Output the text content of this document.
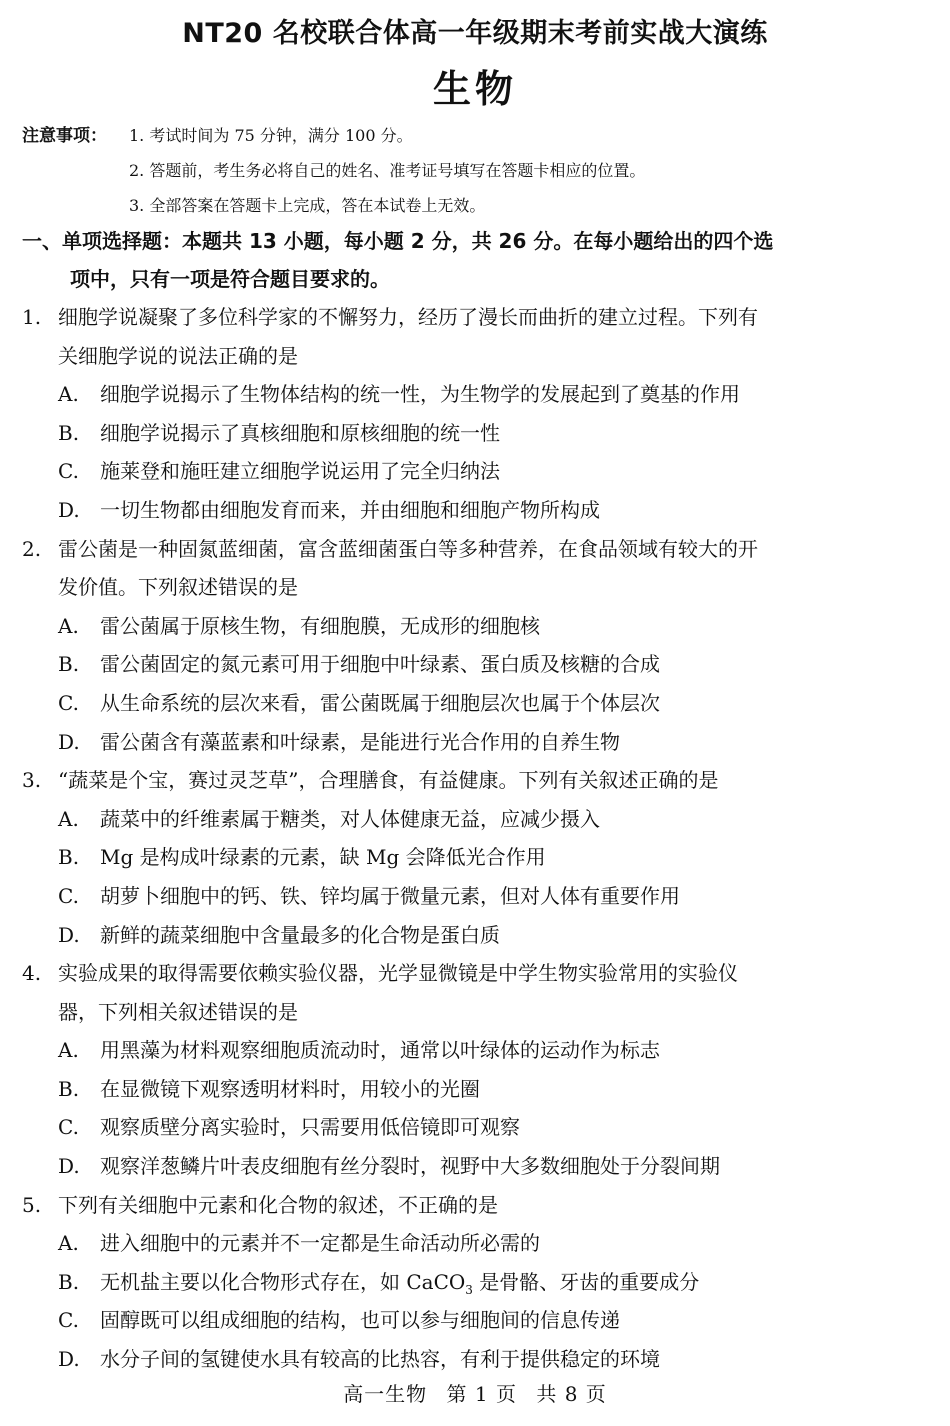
NT20 名校联合体高一年级期末考前实战大演练
生物
注意事项： 1. 考试时间为 75 分钟，满分 100 分。
2. 答题前，考生务必将自己的姓名、准考证号填写在答题卡相应的位置。
3. 全部答案在答题卡上完成，答在本试卷上无效。
一、单项选择题：本题共 13 小题，每小题 2 分，共 26 分。在每小题给出的四个选
项中，只有一项是符合题目要求的。
1. 细胞学说凝聚了多位科学家的不懈努力，经历了漫长而曲折的建立过程。下列有
关细胞学说的说法正确的是
A. 细胞学说揭示了生物体结构的统一性，为生物学的发展起到了奠基的作用
B. 细胞学说揭示了真核细胞和原核细胞的统一性
C. 施莱登和施旺建立细胞学说运用了完全归纳法
D. 一切生物都由细胞发育而来，并由细胞和细胞产物所构成
2. 雷公菌是一种固氮蓝细菌，富含蓝细菌蛋白等多种营养，在食品领域有较大的开
发价值。下列叙述错误的是
A. 雷公菌属于原核生物，有细胞膜，无成形的细胞核
B. 雷公菌固定的氮元素可用于细胞中叶绿素、蛋白质及核糖的合成
C. 从生命系统的层次来看，雷公菌既属于细胞层次也属于个体层次
D. 雷公菌含有藻蓝素和叶绿素，是能进行光合作用的自养生物
3. “蔬菜是个宝，赛过灵芝草”，合理膳食，有益健康。下列有关叙述正确的是
A. 蔬菜中的纤维素属于糖类，对人体健康无益，应减少摄入
B. Mg 是构成叶绿素的元素，缺 Mg 会降低光合作用
C. 胡萝卜细胞中的钙、铁、锌均属于微量元素，但对人体有重要作用
D. 新鲜的蔬菜细胞中含量最多的化合物是蛋白质
4. 实验成果的取得需要依赖实验仪器，光学显微镜是中学生物实验常用的实验仪
器，下列相关叙述错误的是
A. 用黑藻为材料观察细胞质流动时，通常以叶绿体的运动作为标志
B. 在显微镜下观察透明材料时，用较小的光圈
C. 观察质壁分离实验时，只需要用低倍镜即可观察
D. 观察洋葱鳞片叶表皮细胞有丝分裂时，视野中大多数细胞处于分裂间期
5. 下列有关细胞中元素和化合物的叙述，不正确的是
A. 进入细胞中的元素并不一定都是生命活动所必需的
B. 无机盐主要以化合物形式存在，如 CaCO$_3$ 是骨骼、牙齿的重要成分
C. 固醇既可以组成细胞的结构，也可以参与细胞间的信息传递
D. 水分子间的氢键使水具有较高的比热容，有利于提供稳定的环境
高一生物 第 1 页 共 8 页
